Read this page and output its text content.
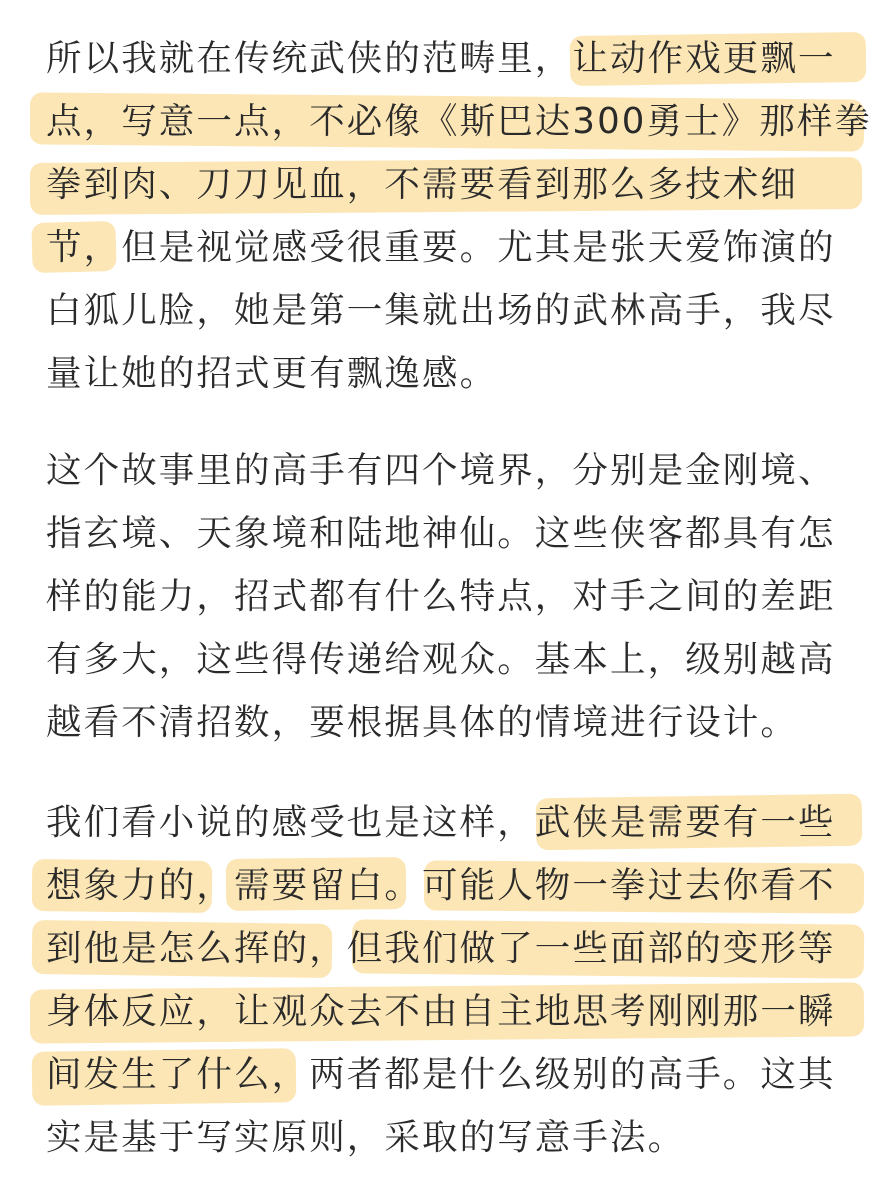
所以我就在传统武侠的范畴里，让动作戏更飘一

点，写意一点，不必像《斯巴达300勇士》那样拳

拳到肉、刀刀见血，不需要看到那么多技术细

节，但是视觉感受很重要。尤其是张天爱饰演的

白狐儿脸，她是第一集就出场的武林高手，我尽

量让她的招式更有飘逸感。

这个故事里的高手有四个境界，分别是金刚境、

指玄境、天象境和陆地神仙。这些侠客都具有怎

样的能力，招式都有什么特点，对手之间的差距

有多大，这些得传递给观众。基本上，级别越高

越看不清招数，要根据具体的情境进行设计。

我们看小说的感受也是这样，武侠是需要有一些

想象力的，需要留白。可能人物一拳过去你看不

到他是怎么挥的，但我们做了一些面部的变形等

身体反应，让观众去不由自主地思考刚刚那一瞬

间发生了什么，两者都是什么级别的高手。这其

实是基于写实原则，采取的写意手法。
